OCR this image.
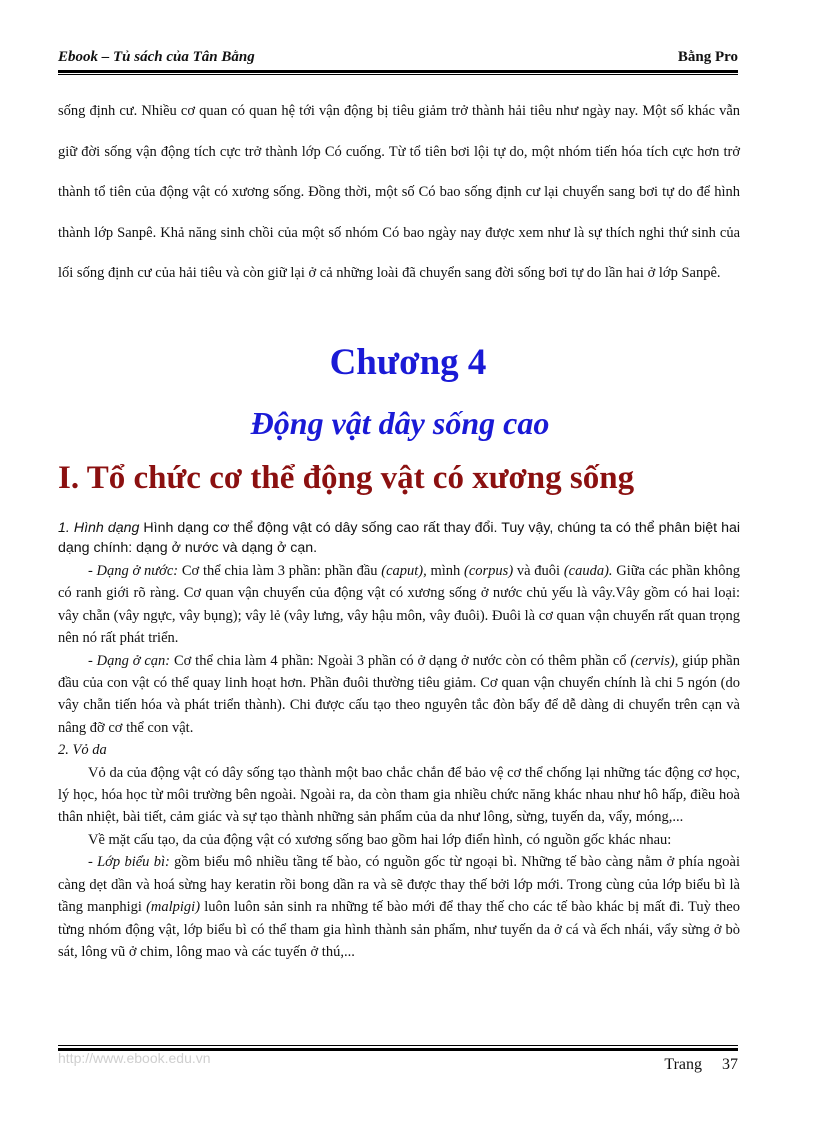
Ebook – Tủ sách của Tân Bằng	Bằng Pro

sống định cư. Nhiều cơ quan có quan hệ tới vận động bị tiêu giảm trở thành hải tiêu như ngày nay. Một số khác vẫn giữ đời sống vận động tích cực trở thành lớp Có cuống. Từ tổ tiên bơi lội tự do, một nhóm tiến hóa tích cực hơn trở thành tổ tiên của động vật có xương sống. Đồng thời, một số Có bao sống định cư lại chuyển sang bơi tự do để hình thành lớp Sanpê. Khả năng sinh chồi của một số nhóm Có bao ngày nay được xem như là sự thích nghi thứ sinh của lối sống định cư của hải tiêu và còn giữ lại ở cả những loài đã chuyển sang đời sống bơi tự do lần hai ở lớp Sanpê.

Chương 4
Động vật dây sống cao
I. Tổ chức cơ thể động vật có xương sống

1. Hình dạng Hình dạng cơ thể động vật có dây sống cao rất thay đổi. Tuy vậy, chúng ta có thể phân biệt hai dạng chính: dạng ở nước và dạng ở cạn.

- Dạng ở nước: Cơ thể chia làm 3 phần: phần đầu (caput), mình (corpus) và đuôi (cauda). Giữa các phần không có ranh giới rõ ràng. Cơ quan vận chuyển của động vật có xương sống ở nước chủ yếu là vây.Vây gồm có hai loại: vây chẵn (vây ngực, vây bụng); vây lẻ (vây lưng, vây hậu môn, vây đuôi). Đuôi là cơ quan vận chuyển rất quan trọng nên nó rất phát triển.

- Dạng ở cạn: Cơ thể chia làm 4 phần: Ngoài 3 phần có ở dạng ở nước còn có thêm phần cổ (cervis), giúp phần đầu của con vật có thể quay linh hoạt hơn. Phần đuôi thường tiêu giảm. Cơ quan vận chuyển chính là chi 5 ngón (do vây chẵn tiến hóa và phát triển thành). Chi được cấu tạo theo nguyên tắc đòn bẩy để dễ dàng di chuyển trên cạn và nâng đỡ cơ thể con vật.

2. Vỏ da

Vỏ da của động vật có dây sống tạo thành một bao chắc chắn để bảo vệ cơ thể chống lại những tác động cơ học, lý học, hóa học từ môi trường bên ngoài. Ngoài ra, da còn tham gia nhiều chức năng khác nhau như hô hấp, điều hoà thân nhiệt, bài tiết, cảm giác và sự tạo thành những sản phẩm của da như lông, sừng, tuyến da, vẩy, móng,...

Về mặt cấu tạo, da của động vật có xương sống bao gồm hai lớp điển hình, có nguồn gốc khác nhau:

- Lớp biểu bì: gồm biểu mô nhiều tầng tế bào, có nguồn gốc từ ngoại bì. Những tế bào càng nằm ở phía ngoài càng dẹt dần và hoá sừng hay keratin rồi bong dần ra và sẽ được thay thế bởi lớp mới. Trong cùng của lớp biểu bì là tầng manphigi (malpigi) luôn luôn sản sinh ra những tế bào mới để thay thế cho các tế bào khác bị mất đi. Tuỳ theo từng nhóm động vật, lớp biểu bì có thể tham gia hình thành sản phẩm, như tuyến da ở cá và ếch nhái, vẩy sừng ở bò sát, lông vũ ở chim, lông mao và các tuyến ở thú,...

http://www.ebook.edu.vn	Trang 37
